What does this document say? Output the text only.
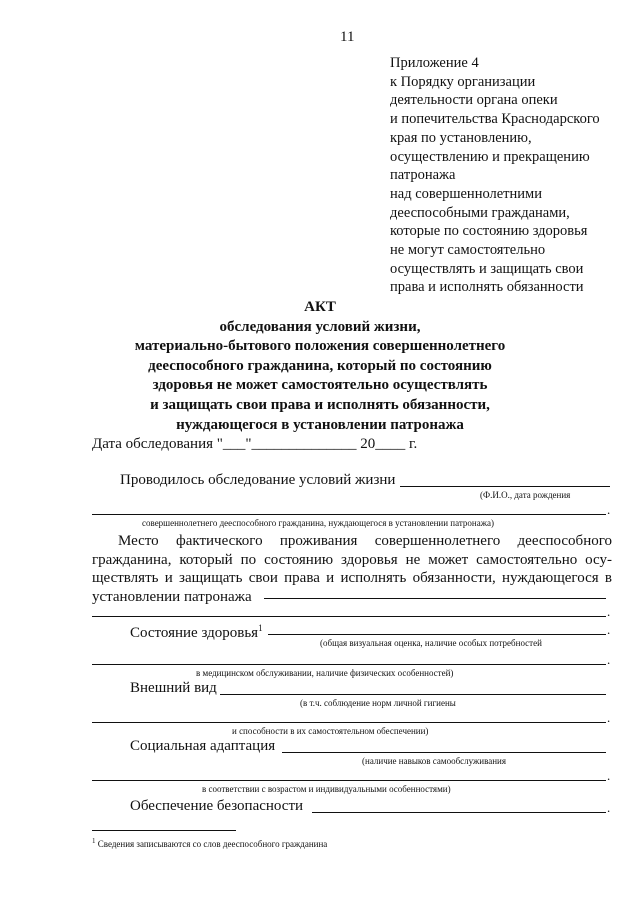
11
Приложение 4
к Порядку организации
деятельности органа опеки
и попечительства Краснодарского
края по установлению,
осуществлению и прекращению
патронажа
над совершеннолетними
дееспособными гражданами,
которые по состоянию здоровья
не могут самостоятельно
осуществлять и защищать свои
права и исполнять обязанности
АКТ
обследования условий жизни,
материально-бытового положения совершеннолетнего
дееспособного гражданина, который по состоянию
здоровья не может самостоятельно осуществлять
и защищать свои права и исполнять обязанности,
нуждающегося в установлении патронажа
Дата обследования "___"______________ 20____ г.
Проводилось обследование условий жизни
(Ф.И.О., дата рождения
.
совершеннолетнего дееспособного гражданина, нуждающегося в установлении патронажа)
Место фактического проживания совершеннолетнего дееспособного
гражданина, который по состоянию здоровья не может самостоятельно осу-
ществлять и защищать свои права и исполнять обязанности, нуждающегося в
установлении патронажа
.
Состояние здоровья$^1$	.
(общая визуальная оценка, наличие особых потребностей
.
в медицинском обслуживании, наличие физических особенностей)
Внешний вид
(в т.ч. соблюдение норм личной гигиены
.
и способности в их самостоятельном обеспечении)
Социальная адаптация
(наличие навыков самообслуживания
.
в соответствии с возрастом и индивидуальными особенностями)
Обеспечение безопасности	.
$^1$ Сведения записываются со слов дееспособного гражданина
